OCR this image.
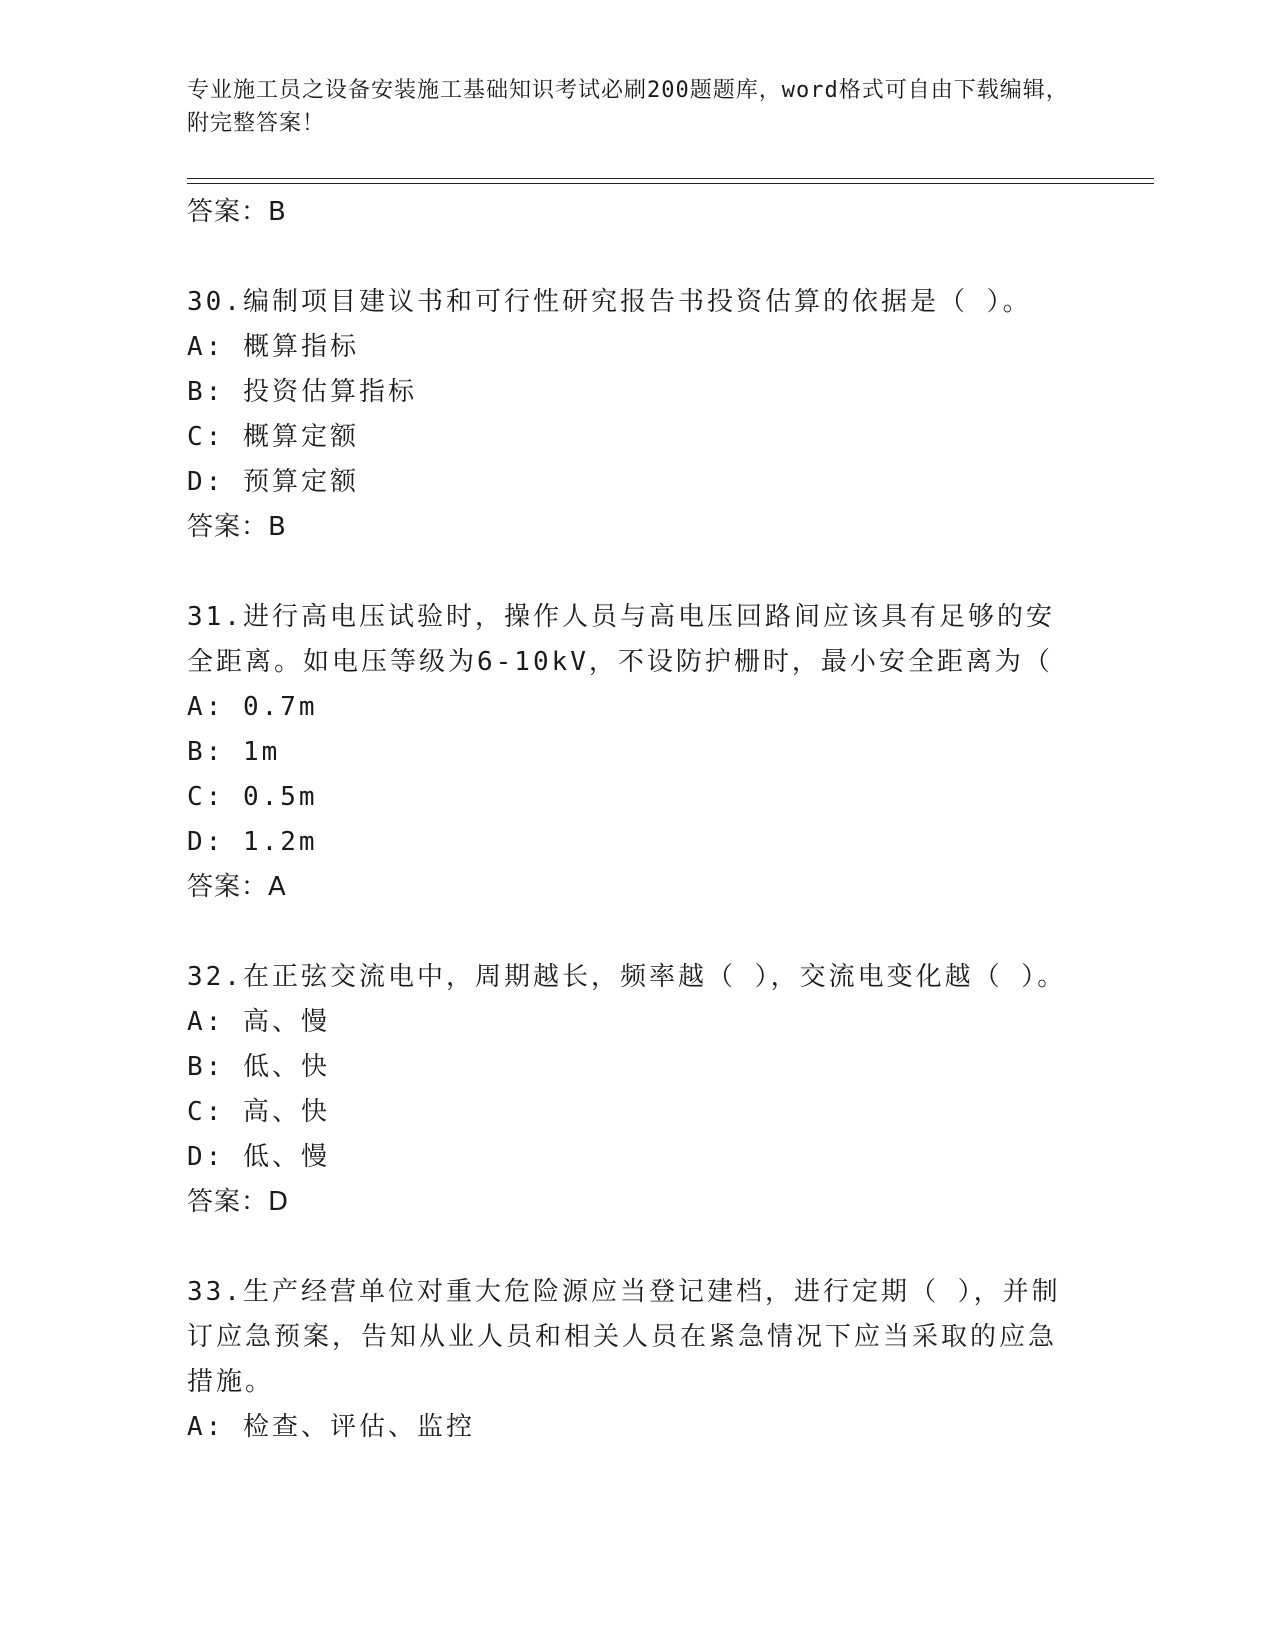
专业施工员之设备安装施工基础知识考试必刷200题题库，word格式可自由下载编辑，附完整答案！
答案：B
30.编制项目建议书和可行性研究报告书投资估算的依据是（ ）。
A: 概算指标
B: 投资估算指标
C: 概算定额
D: 预算定额
答案：B
31.进行高电压试验时，操作人员与高电压回路间应该具有足够的安全距离。如电压等级为6-10kV，不设防护栅时，最小安全距离为（
A: 0.7m
B: 1m
C: 0.5m
D: 1.2m
答案：A
32.在正弦交流电中，周期越长，频率越（ ），交流电变化越（ ）。
A: 高、慢
B: 低、快
C: 高、快
D: 低、慢
答案：D
33.生产经营单位对重大危险源应当登记建档，进行定期（ ），并制订应急预案，告知从业人员和相关人员在紧急情况下应当采取的应急措施。
A: 检查、评估、监控
